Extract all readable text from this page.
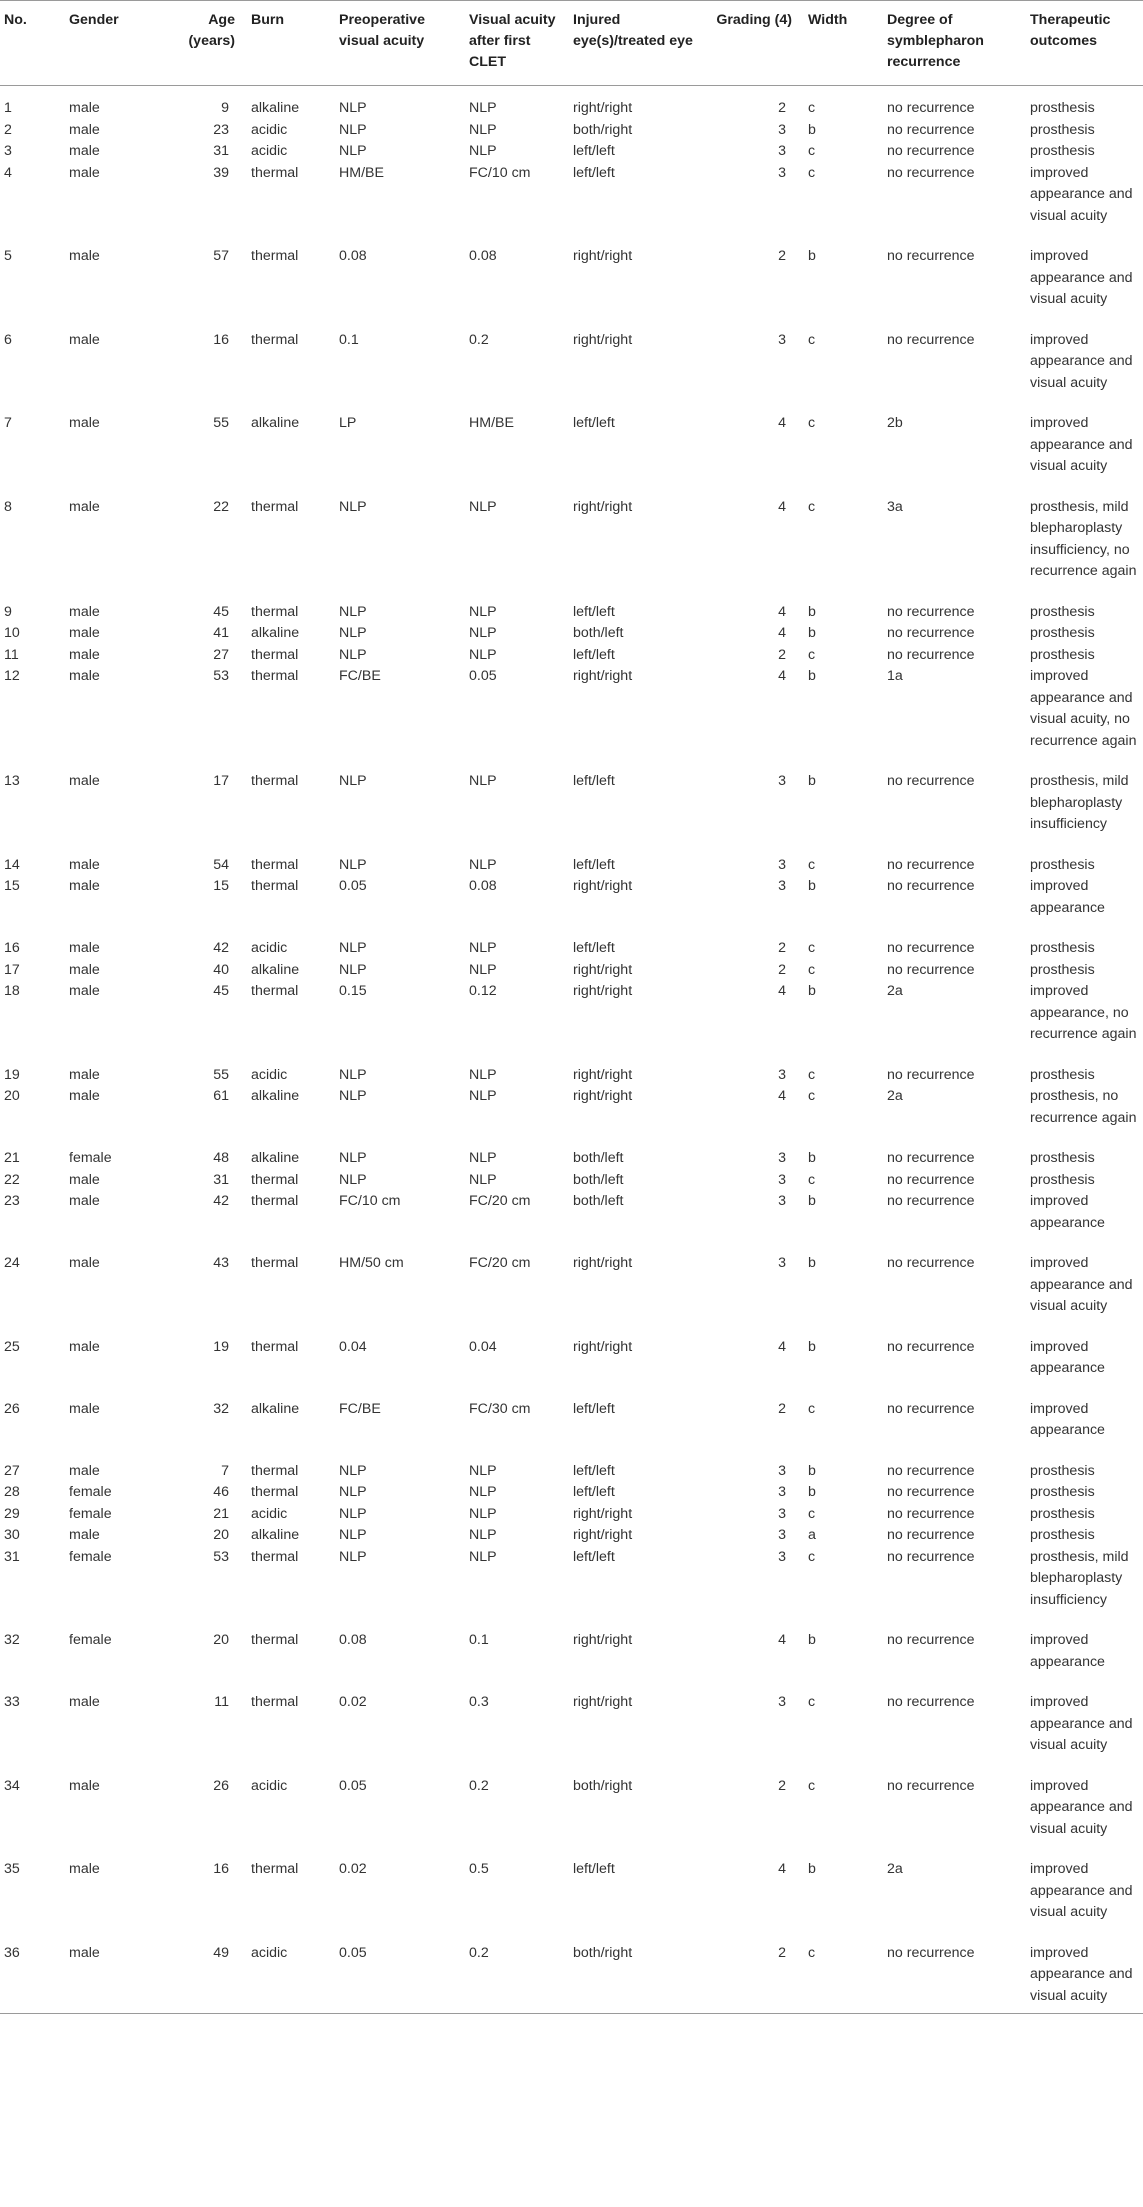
No.	Gender	Age (years)	Burn	Preoperative visual acuity	Visual acuity after first CLET	Injured eye(s)/treated eye	Grading (4)	Width	Degree of symblepharon recurrence	Therapeutic outcomes
1	male	9	alkaline	NLP	NLP	right/right	2	c	no recurrence	prosthesis
2	male	23	acidic	NLP	NLP	both/right	3	b	no recurrence	prosthesis
3	male	31	acidic	NLP	NLP	left/left	3	c	no recurrence	prosthesis
4	male	39	thermal	HM/BE	FC/10 cm	left/left	3	c	no recurrence	improved appearance and visual acuity
5	male	57	thermal	0.08	0.08	right/right	2	b	no recurrence	improved appearance and visual acuity
6	male	16	thermal	0.1	0.2	right/right	3	c	no recurrence	improved appearance and visual acuity
7	male	55	alkaline	LP	HM/BE	left/left	4	c	2b	improved appearance and visual acuity
8	male	22	thermal	NLP	NLP	right/right	4	c	3a	prosthesis, mild blepharoplasty insufficiency, no recurrence again
9	male	45	thermal	NLP	NLP	left/left	4	b	no recurrence	prosthesis
10	male	41	alkaline	NLP	NLP	both/left	4	b	no recurrence	prosthesis
11	male	27	thermal	NLP	NLP	left/left	2	c	no recurrence	prosthesis
12	male	53	thermal	FC/BE	0.05	right/right	4	b	1a	improved appearance and visual acuity, no recurrence again
13	male	17	thermal	NLP	NLP	left/left	3	b	no recurrence	prosthesis, mild blepharoplasty insufficiency
14	male	54	thermal	NLP	NLP	left/left	3	c	no recurrence	prosthesis
15	male	15	thermal	0.05	0.08	right/right	3	b	no recurrence	improved appearance
16	male	42	acidic	NLP	NLP	left/left	2	c	no recurrence	prosthesis
17	male	40	alkaline	NLP	NLP	right/right	2	c	no recurrence	prosthesis
18	male	45	thermal	0.15	0.12	right/right	4	b	2a	improved appearance, no recurrence again
19	male	55	acidic	NLP	NLP	right/right	3	c	no recurrence	prosthesis
20	male	61	alkaline	NLP	NLP	right/right	4	c	2a	prosthesis, no recurrence again
21	female	48	alkaline	NLP	NLP	both/left	3	b	no recurrence	prosthesis
22	male	31	thermal	NLP	NLP	both/left	3	c	no recurrence	prosthesis
23	male	42	thermal	FC/10 cm	FC/20 cm	both/left	3	b	no recurrence	improved appearance
24	male	43	thermal	HM/50 cm	FC/20 cm	right/right	3	b	no recurrence	improved appearance and visual acuity
25	male	19	thermal	0.04	0.04	right/right	4	b	no recurrence	improved appearance
26	male	32	alkaline	FC/BE	FC/30 cm	left/left	2	c	no recurrence	improved appearance
27	male	7	thermal	NLP	NLP	left/left	3	b	no recurrence	prosthesis
28	female	46	thermal	NLP	NLP	left/left	3	b	no recurrence	prosthesis
29	female	21	acidic	NLP	NLP	right/right	3	c	no recurrence	prosthesis
30	male	20	alkaline	NLP	NLP	right/right	3	a	no recurrence	prosthesis
31	female	53	thermal	NLP	NLP	left/left	3	c	no recurrence	prosthesis, mild blepharoplasty insufficiency
32	female	20	thermal	0.08	0.1	right/right	4	b	no recurrence	improved appearance
33	male	11	thermal	0.02	0.3	right/right	3	c	no recurrence	improved appearance and visual acuity
34	male	26	acidic	0.05	0.2	both/right	2	c	no recurrence	improved appearance and visual acuity
35	male	16	thermal	0.02	0.5	left/left	4	b	2a	improved appearance and visual acuity
36	male	49	acidic	0.05	0.2	both/right	2	c	no recurrence	improved appearance and visual acuity
